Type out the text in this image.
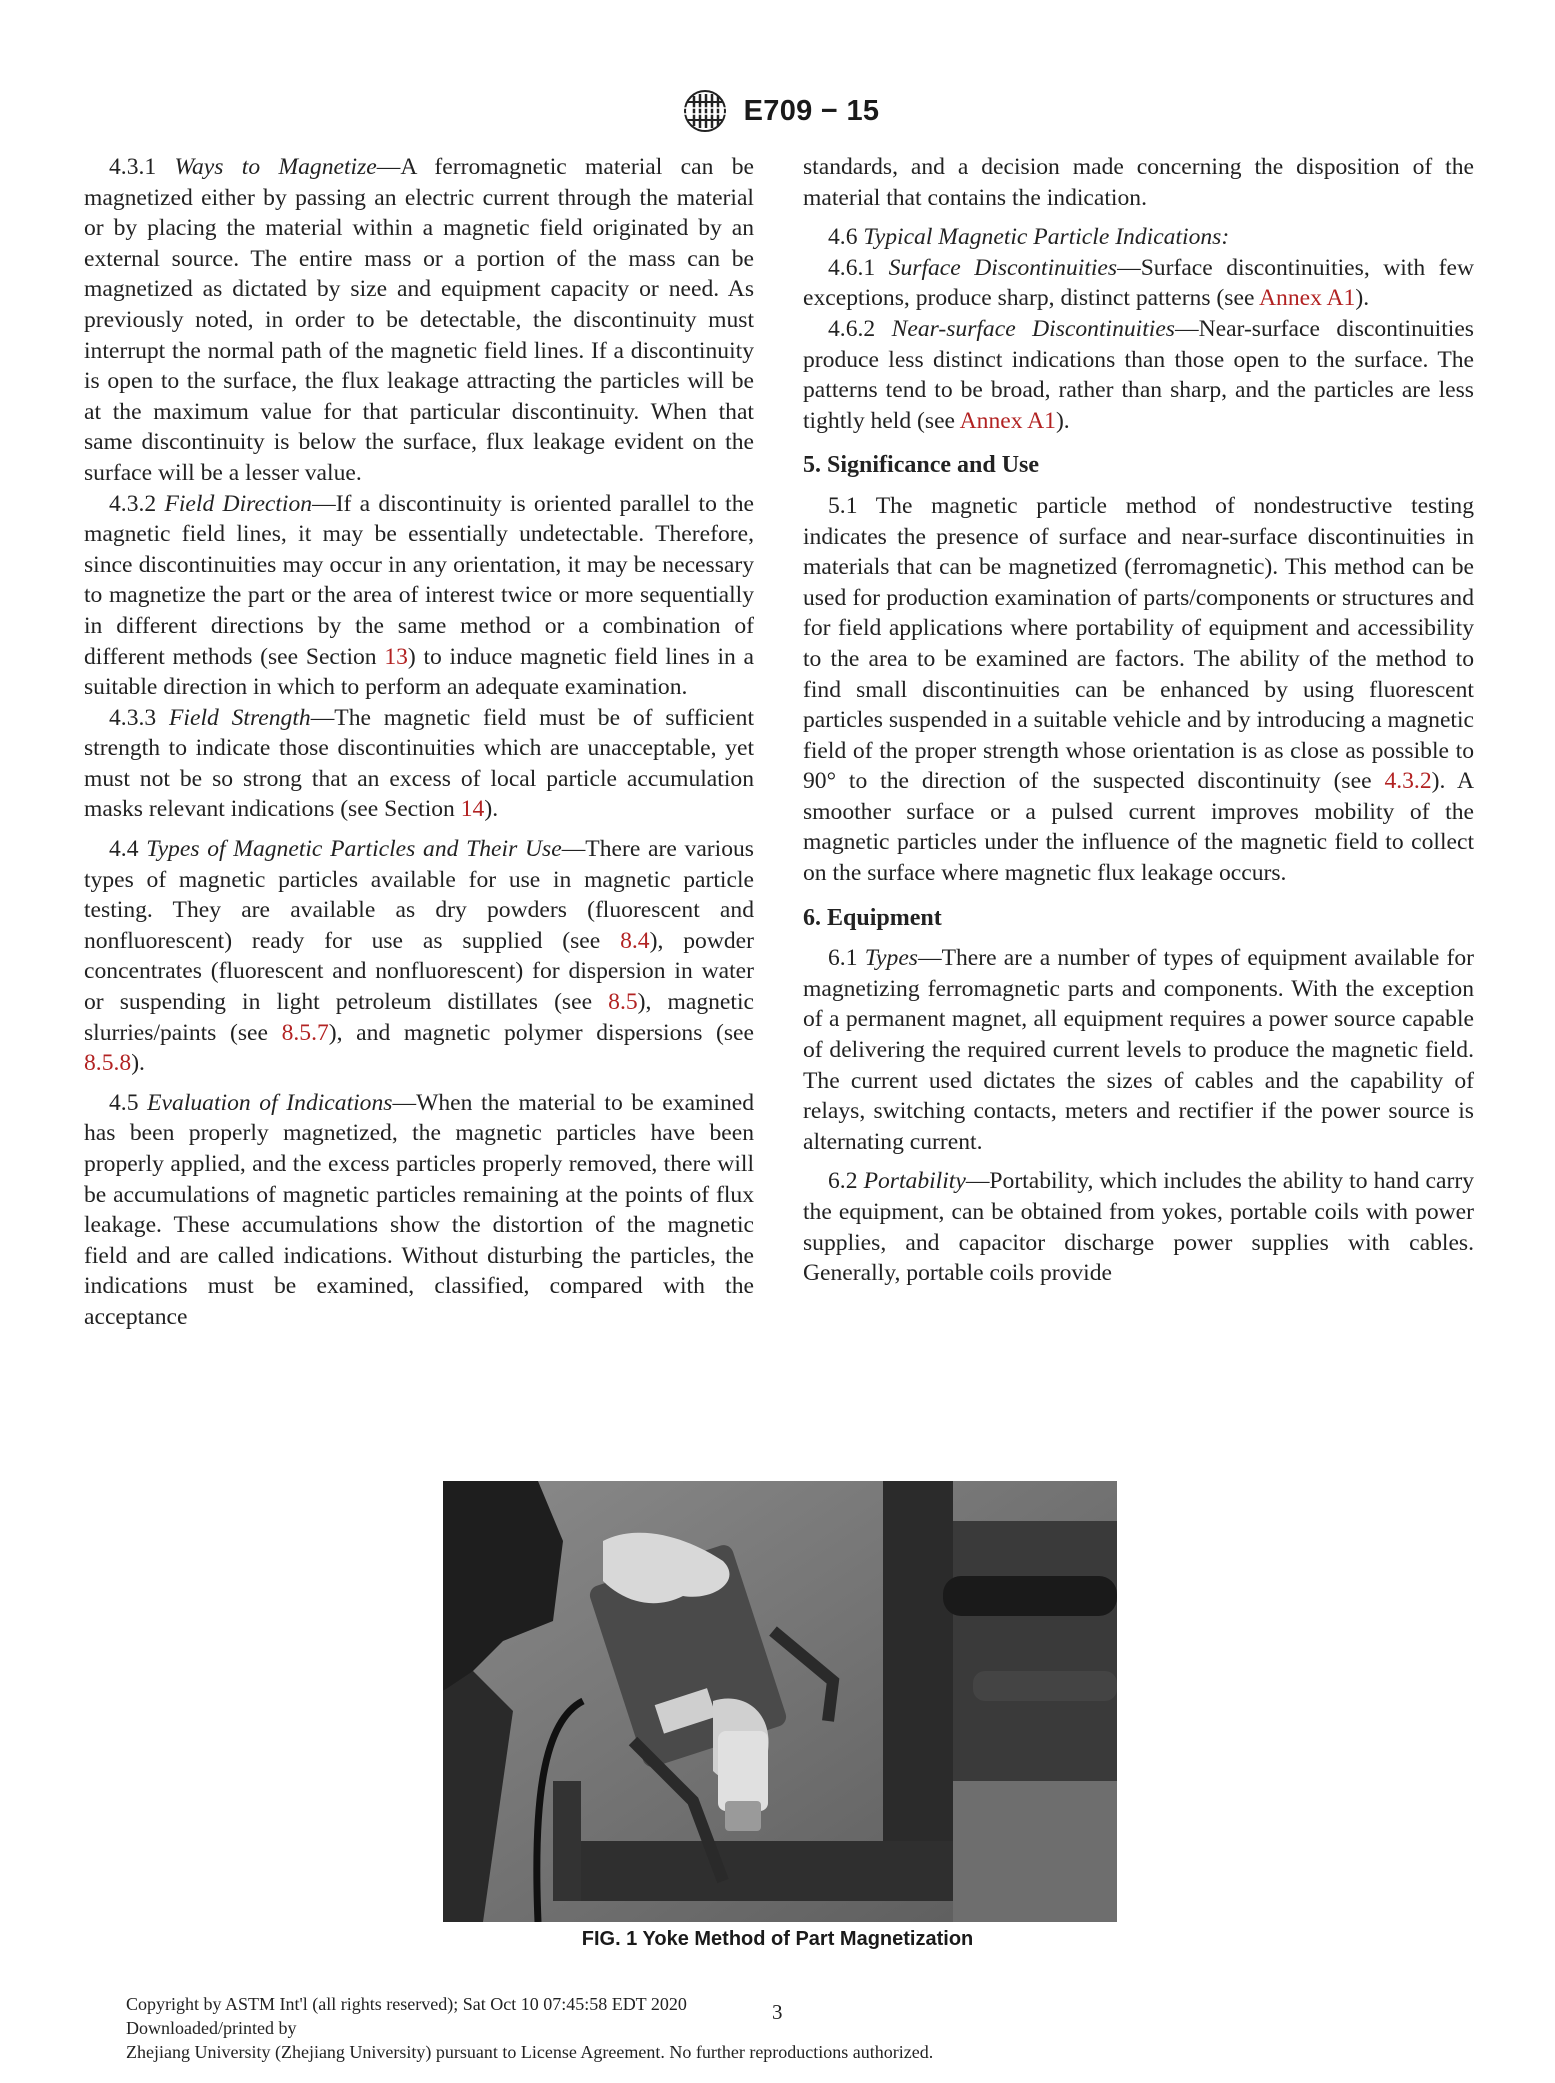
E709 − 15

4.3.1 Ways to Magnetize—A ferromagnetic material can be magnetized either by passing an electric current through the material or by placing the material within a magnetic field originated by an external source. The entire mass or a portion of the mass can be magnetized as dictated by size and equipment capacity or need. As previously noted, in order to be detectable, the discontinuity must interrupt the normal path of the magnetic field lines. If a discontinuity is open to the surface, the flux leakage attracting the particles will be at the maximum value for that particular discontinuity. When that same discontinuity is below the surface, flux leakage evident on the surface will be a lesser value.

4.3.2 Field Direction—If a discontinuity is oriented parallel to the magnetic field lines, it may be essentially undetectable. Therefore, since discontinuities may occur in any orientation, it may be necessary to magnetize the part or the area of interest twice or more sequentially in different directions by the same method or a combination of different methods (see Section 13) to induce magnetic field lines in a suitable direction in which to perform an adequate examination.

4.3.3 Field Strength—The magnetic field must be of sufficient strength to indicate those discontinuities which are unacceptable, yet must not be so strong that an excess of local particle accumulation masks relevant indications (see Section 14).

4.4 Types of Magnetic Particles and Their Use—There are various types of magnetic particles available for use in magnetic particle testing. They are available as dry powders (fluorescent and nonfluorescent) ready for use as supplied (see 8.4), powder concentrates (fluorescent and nonfluorescent) for dispersion in water or suspending in light petroleum distillates (see 8.5), magnetic slurries/paints (see 8.5.7), and magnetic polymer dispersions (see 8.5.8).

4.5 Evaluation of Indications—When the material to be examined has been properly magnetized, the magnetic particles have been properly applied, and the excess particles properly removed, there will be accumulations of magnetic particles remaining at the points of flux leakage. These accumulations show the distortion of the magnetic field and are called indications. Without disturbing the particles, the indications must be examined, classified, compared with the acceptance

standards, and a decision made concerning the disposition of the material that contains the indication.

4.6 Typical Magnetic Particle Indications:

4.6.1 Surface Discontinuities—Surface discontinuities, with few exceptions, produce sharp, distinct patterns (see Annex A1).

4.6.2 Near-surface Discontinuities—Near-surface discontinuities produce less distinct indications than those open to the surface. The patterns tend to be broad, rather than sharp, and the particles are less tightly held (see Annex A1).

5. Significance and Use

5.1 The magnetic particle method of nondestructive testing indicates the presence of surface and near-surface discontinuities in materials that can be magnetized (ferromagnetic). This method can be used for production examination of parts/components or structures and for field applications where portability of equipment and accessibility to the area to be examined are factors. The ability of the method to find small discontinuities can be enhanced by using fluorescent particles suspended in a suitable vehicle and by introducing a magnetic field of the proper strength whose orientation is as close as possible to 90° to the direction of the suspected discontinuity (see 4.3.2). A smoother surface or a pulsed current improves mobility of the magnetic particles under the influence of the magnetic field to collect on the surface where magnetic flux leakage occurs.

6. Equipment

6.1 Types—There are a number of types of equipment available for magnetizing ferromagnetic parts and components. With the exception of a permanent magnet, all equipment requires a power source capable of delivering the required current levels to produce the magnetic field. The current used dictates the sizes of cables and the capability of relays, switching contacts, meters and rectifier if the power source is alternating current.

6.2 Portability—Portability, which includes the ability to hand carry the equipment, can be obtained from yokes, portable coils with power supplies, and capacitor discharge power supplies with cables. Generally, portable coils provide

FIG. 1 Yoke Method of Part Magnetization
Copyright by ASTM Int'l (all rights reserved); Sat Oct 10 07:45:58 EDT 2020
Downloaded/printed by
Zhejiang University (Zhejiang University) pursuant to License Agreement. No further reproductions authorized.
3
